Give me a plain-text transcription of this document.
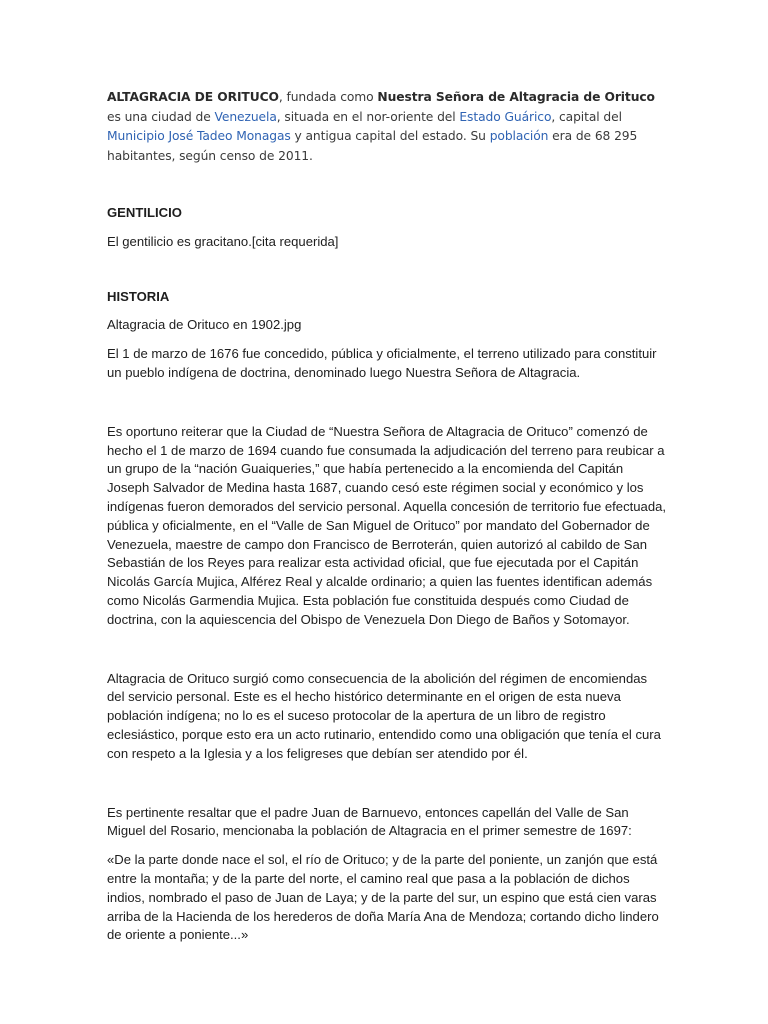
ALTAGRACIA DE ORITUCO, fundada como Nuestra Señora de Altagracia de Orituco es una ciudad de Venezuela, situada en el nor-oriente del Estado Guárico, capital del Municipio José Tadeo Monagas y antigua capital del estado. Su población era de 68 295 habitantes, según censo de 2011.

GENTILICIO

El gentilicio es gracitano.[cita requerida]

HISTORIA

Altagracia de Orituco en 1902.jpg

El 1 de marzo de 1676 fue concedido, pública y oficialmente, el terreno utilizado para constituir un pueblo indígena de doctrina, denominado luego Nuestra Señora de Altagracia.

Es oportuno reiterar que la Ciudad de “Nuestra Señora de Altagracia de Orituco” comenzó de hecho el 1 de marzo de 1694 cuando fue consumada la adjudicación del terreno para reubicar a un grupo de la “nación Guaiqueries,” que había pertenecido a la encomienda del Capitán Joseph Salvador de Medina hasta 1687, cuando cesó este régimen social y económico y los indígenas fueron demorados del servicio personal. Aquella concesión de territorio fue efectuada, pública y oficialmente, en el “Valle de San Miguel de Orituco” por mandato del Gobernador de Venezuela, maestre de campo don Francisco de Berroterán, quien autorizó al cabildo de San Sebastián de los Reyes para realizar esta actividad oficial, que fue ejecutada por el Capitán Nicolás García Mujica, Alférez Real y alcalde ordinario; a quien las fuentes identifican además como Nicolás Garmendia Mujica. Esta población fue constituida después como Ciudad de doctrina, con la aquiescencia del Obispo de Venezuela Don Diego de Baños y Sotomayor.

Altagracia de Orituco surgió como consecuencia de la abolición del régimen de encomiendas del servicio personal. Este es el hecho histórico determinante en el origen de esta nueva población indígena; no lo es el suceso protocolar de la apertura de un libro de registro eclesiástico, porque esto era un acto rutinario, entendido como una obligación que tenía el cura con respeto a la Iglesia y a los feligreses que debían ser atendido por él.

Es pertinente resaltar que el padre Juan de Barnuevo, entonces capellán del Valle de San Miguel del Rosario, mencionaba la población de Altagracia en el primer semestre de 1697:

«De la parte donde nace el sol, el río de Orituco; y de la parte del poniente, un zanjón que está entre la montaña; y de la parte del norte, el camino real que pasa a la población de dichos indios, nombrado el paso de Juan de Laya; y de la parte del sur, un espino que está cien varas arriba de la Hacienda de los herederos de doña María Ana de Mendoza; cortando dicho lindero de oriente a poniente...»
